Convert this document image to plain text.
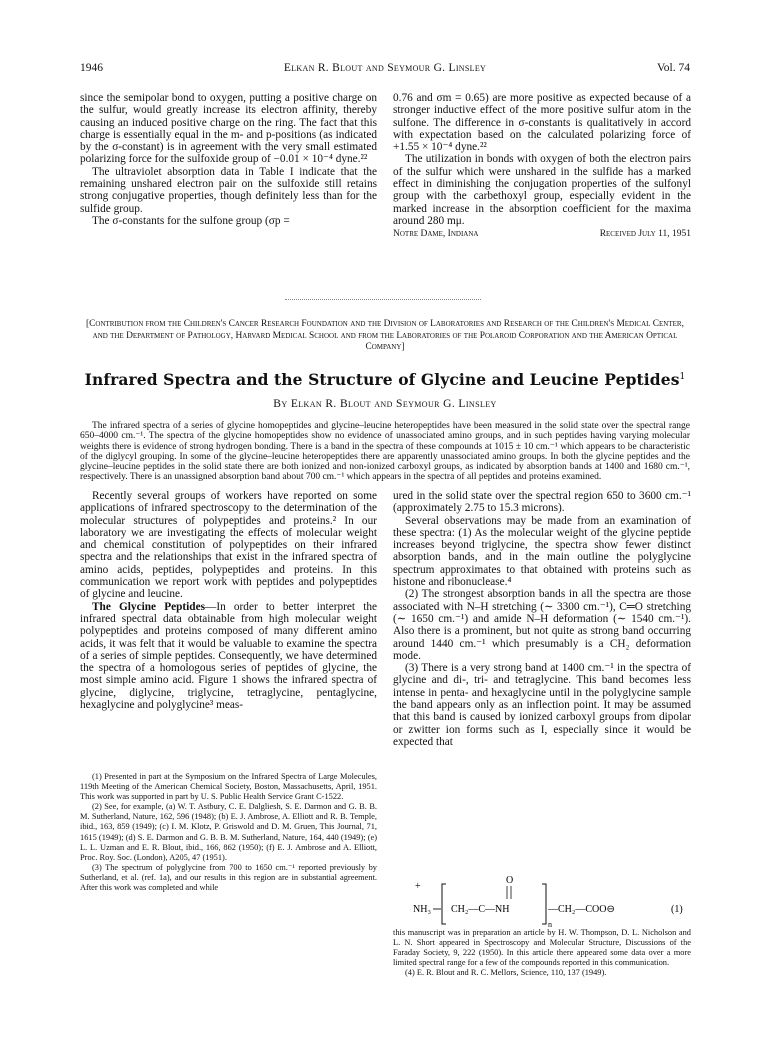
1946	Elkan R. Blout and Seymour G. Linsley	Vol. 74

since the semipolar bond to oxygen, putting a positive charge on the sulfur, would greatly increase its electron affinity, thereby causing an induced positive charge on the ring. The fact that this charge is essentially equal in the m- and p-positions (as indicated by the σ-constant) is in agreement with the very small estimated polarizing force for the sulfoxide group of −0.01 × 10⁻⁴ dyne.²²

The ultraviolet absorption data in Table I indicate that the remaining unshared electron pair on the sulfoxide still retains strong conjugative properties, though definitely less than for the sulfide group.

The σ-constants for the sulfone group (σp =

0.76 and σm = 0.65) are more positive as expected because of a stronger inductive effect of the more positive sulfur atom in the sulfone. The difference in σ-constants is qualitatively in accord with expectation based on the calculated polarizing force of +1.55 × 10⁻⁴ dyne.²²

The utilization in bonds with oxygen of both the electron pairs of the sulfur which were unshared in the sulfide has a marked effect in diminishing the conjugation properties of the sulfonyl group with the carbethoxyl group, especially evident in the marked increase in the absorption coefficient for the maxima around 280 mμ.

Notre Dame, Indiana	Received July 11, 1951
[Contribution from the Children's Cancer Research Foundation and the Division of Laboratories and Research of the Children's Medical Center, and the Department of Pathology, Harvard Medical School and from the Laboratories of the Polaroid Corporation and the American Optical Company]
Infrared Spectra and the Structure of Glycine and Leucine Peptides$^1$
By Elkan R. Blout and Seymour G. Linsley
The infrared spectra of a series of glycine homopeptides and glycine–leucine heteropeptides have been measured in the solid state over the spectral range 650–4000 cm.⁻¹. The spectra of the glycine homopeptides show no evidence of unassociated amino groups, and in such peptides having varying molecular weights there is evidence of strong hydrogen bonding. There is a band in the spectra of these compounds at 1015 ± 10 cm.⁻¹ which appears to be characteristic of the diglycyl grouping. In some of the glycine–leucine heteropeptides there are apparently unassociated amino groups. In both the glycine peptides and the glycine–leucine peptides in the solid state there are both ionized and non-ionized carboxyl groups, as indicated by absorption bands at 1400 and 1680 cm.⁻¹, respectively. There is an unassigned absorption band about 700 cm.⁻¹ which appears in the spectra of all peptides and proteins examined.

Recently several groups of workers have reported on some applications of infrared spectroscopy to the determination of the molecular structures of polypeptides and proteins.² In our laboratory we are investigating the effects of molecular weight and chemical constitution of polypeptides on their infrared spectra and the relationships that exist in the infrared spectra of amino acids, peptides, polypeptides and proteins. In this communication we report work with peptides and polypeptides of glycine and leucine.

The Glycine Peptides—In order to better interpret the infrared spectral data obtainable from high molecular weight polypeptides and proteins composed of many different amino acids, it was felt that it would be valuable to examine the spectra of a series of simple peptides. Consequently, we have determined the spectra of a homologous series of peptides of glycine, the most simple amino acid. Figure 1 shows the infrared spectra of glycine, diglycine, triglycine, tetraglycine, pentaglycine, hexaglycine and polyglycine³ meas-

ured in the solid state over the spectral region 650 to 3600 cm.⁻¹ (approximately 2.75 to 15.3 microns).

Several observations may be made from an examination of these spectra: (1) As the molecular weight of the glycine peptide increases beyond triglycine, the spectra show fewer distinct absorption bands, and in the main outline the polyglycine spectrum approximates to that obtained with proteins such as histone and ribonuclease.⁴

(2) The strongest absorption bands in all the spectra are those associated with N–H stretching (∼ 3300 cm.⁻¹), C═O stretching (∼ 1650 cm.⁻¹) and amide N–H deformation (∼ 1540 cm.⁻¹). Also there is a prominent, but not quite as strong band occurring around 1440 cm.⁻¹ which presumably is a CH₂ deformation mode.

(3) There is a very strong band at 1400 cm.⁻¹ in the spectra of glycine and di-, tri- and tetraglycine. This band becomes less intense in penta- and hexaglycine until in the polyglycine sample the band appears only as an inflection point. It may be assumed that this band is caused by ionized carboxyl groups from dipolar or zwitter ion forms such as I, especially since it would be expected that

+
NH₃
O
CH₂—C—NH
n
—CH₂—COO⊖	(1)

(1) Presented in part at the Symposium on the Infrared Spectra of Large Molecules, 119th Meeting of the American Chemical Society, Boston, Massachusetts, April, 1951. This work was supported in part by U. S. Public Health Service Grant C-1522.

(2) See, for example, (a) W. T. Astbury, C. E. Dalgliesh, S. E. Darmon and G. B. B. M. Sutherland, Nature, 162, 596 (1948); (b) E. J. Ambrose, A. Elliott and R. B. Temple, ibid., 163, 859 (1949); (c) I. M. Klotz, P. Griswold and D. M. Gruen, This Journal, 71, 1615 (1949); (d) S. E. Darmon and G. B. B. M. Sutherland, Nature, 164, 440 (1949); (e) L. L. Uzman and E. R. Blout, ibid., 166, 862 (1950); (f) E. J. Ambrose and A. Elliott, Proc. Roy. Soc. (London), A205, 47 (1951).

(3) The spectrum of polyglycine from 700 to 1650 cm.⁻¹ reported previously by Sutherland, et al. (ref. 1a), and our results in this region are in substantial agreement. After this work was completed and while

this manuscript was in preparation an article by H. W. Thompson, D. L. Nicholson and L. N. Short appeared in Spectroscopy and Molecular Structure, Discussions of the Faraday Society, 9, 222 (1950). In this article there appeared some data over a more limited spectral range for a few of the compounds reported in this communication.

(4) E. R. Blout and R. C. Mellors, Science, 110, 137 (1949).
